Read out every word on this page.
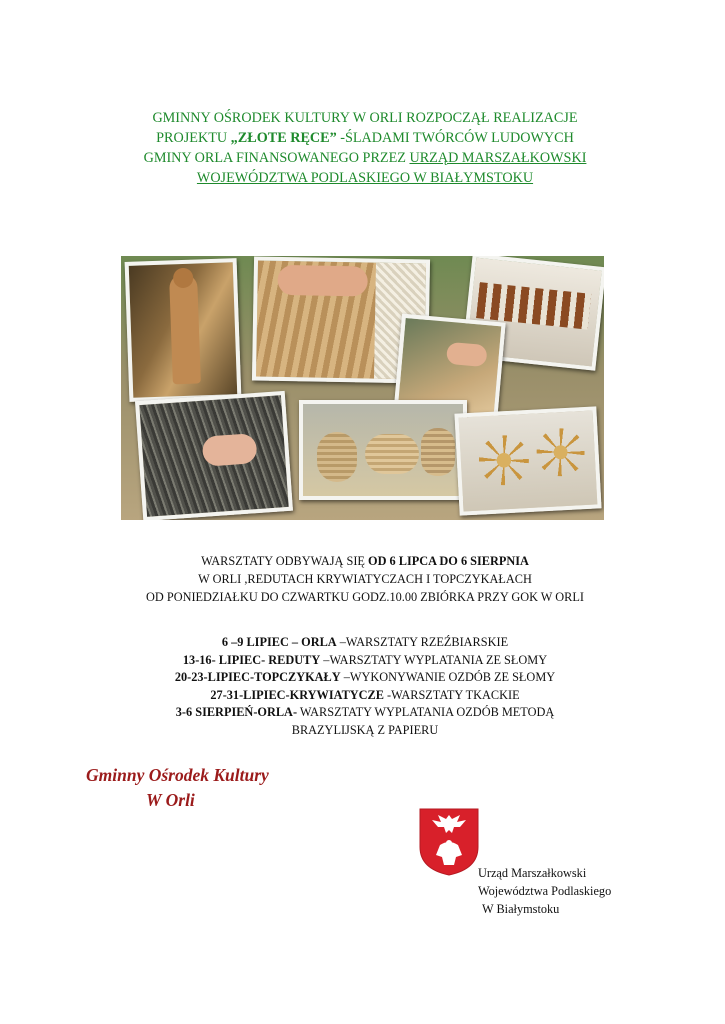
GMINNY OŚRODEK KULTURY W ORLI ROZPOCZĄŁ REALIZACJE
PROJEKTU „ZŁOTE RĘCE” -ŚLADAMI TWÓRCÓW LUDOWYCH
GMINY ORLA FINANSOWANEGO PRZEZ URZĄD MARSZAŁKOWSKI
WOJEWÓDZTWA PODLASKIEGO W BIAŁYMSTOKU
WARSZTATY ODBYWAJĄ SIĘ OD 6 LIPCA DO 6 SIERPNIA
W ORLI ,REDUTACH KRYWIATYCZACH I TOPCZYKAŁACH
OD PONIEDZIAŁKU DO CZWARTKU GODZ.10.00 ZBIÓRKA PRZY GOK W ORLI
6 –9 LIPIEC – ORLA –WARSZTATY RZEŹBIARSKIE
13-16- LIPIEC- REDUTY –WARSZTATY WYPLATANIA ZE SŁOMY
20-23-LIPIEC-TOPCZYKAŁY –WYKONYWANIE OZDÓB ZE SŁOMY
27-31-LIPIEC-KRYWIATYCZE -WARSZTATY TKACKIE
3-6 SIERPIEŃ-ORLA- WARSZTATY WYPLATANIA OZDÓB METODĄ
BRAZYLIJSKĄ Z PAPIERU
Gminny Ośrodek Kultury
W Orli
Urząd Marszałkowski
Województwa Podlaskiego
W Białymstoku
